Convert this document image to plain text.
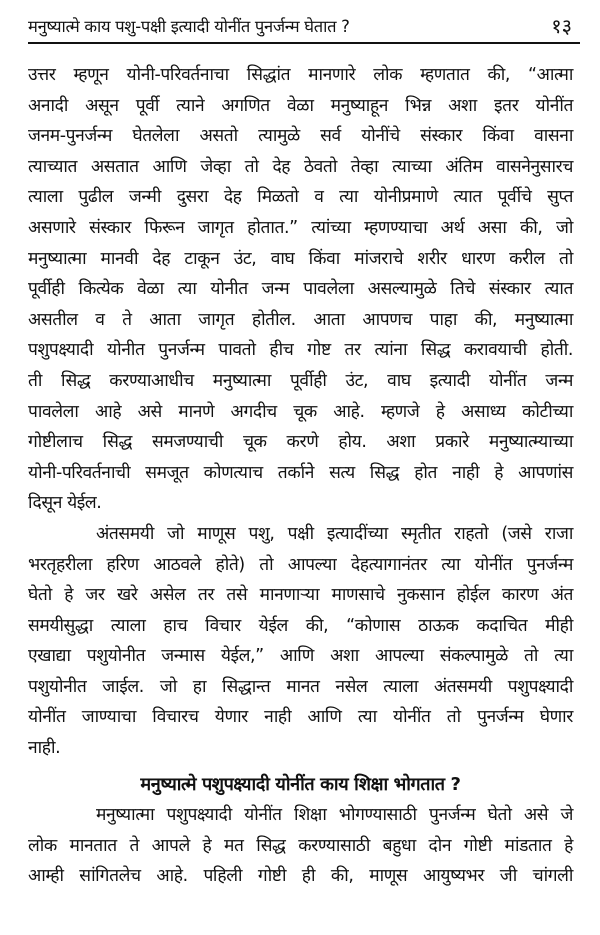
मनुष्यात्मे काय पशु-पक्षी इत्यादी योनींत पुनर्जन्म घेतात ?	१३
उत्तर म्हणून योनी-परिवर्तनाचा सिद्धांत मानणारे लोक म्हणतात की, “आत्मा
अनादी असून पूर्वी त्याने अगणित वेळा मनुष्याहून भिन्न अशा इतर योनींत
जनम-पुनर्जन्म घेतलेला असतो त्यामुळे सर्व योनींचे संस्कार किंवा वासना
त्याच्यात असतात आणि जेव्हा तो देह ठेवतो तेव्हा त्याच्या अंतिम वासनेनुसारच
त्याला पुढील जन्मी दुसरा देह मिळतो व त्या योनीप्रमाणे त्यात पूर्वीचे सुप्त
असणारे संस्कार फिरून जागृत होतात.” त्यांच्या म्हणण्याचा अर्थ असा की, जो
मनुष्यात्मा मानवी देह टाकून उंट, वाघ किंवा मांजराचे शरीर धारण करील तो
पूर्वीही कित्येक वेळा त्या योनीत जन्म पावलेला असल्यामुळे तिचे संस्कार त्यात
असतील व ते आता जागृत होतील. आता आपणच पाहा की, मनुष्यात्मा
पशुपक्ष्यादी योनीत पुनर्जन्म पावतो हीच गोष्ट तर त्यांना सिद्ध करावयाची होती.
ती सिद्ध करण्याआधीच मनुष्यात्मा पूर्वीही उंट, वाघ इत्यादी योनींत जन्म
पावलेला आहे असे मानणे अगदीच चूक आहे. म्हणजे हे असाध्य कोटीच्या
गोष्टीलाच सिद्ध समजण्याची चूक करणे होय. अशा प्रकारे मनुष्यात्म्याच्या
योनी-परिवर्तनाची समजूत कोणत्याच तर्कानेे सत्य सिद्ध होत नाही हे आपणांस
दिसून येईल.
अंतसमयी जो माणूस पशु, पक्षी इत्यादींच्या स्मृतीत राहतो (जसे राजा
भरतृहरीला हरिण आठवले होते) तो आपल्या देहत्यागानंतर त्या योनींत पुनर्जन्म
घेतो हे जर खरे असेल तर तसे मानणाऱ्या माणसाचे नुकसान होईल कारण अंत
समयीसुद्धा त्याला हाच विचार येईल की, “कोणास ठाऊक कदाचित मीही
एखाद्या पशुयोनीत जन्मास येईल,” आणि अशा आपल्या संकल्पामुळे तो त्या
पशुयोनीत जाईल. जो हा सिद्धान्त मानत नसेल त्याला अंतसमयी पशुपक्ष्यादी
योनींत जाण्याचा विचारच येणार नाही आणि त्या योनींत तो पुनर्जन्म घेणार
नाही.
मनुष्यात्मे पशुपक्ष्यादी योनींत काय शिक्षा भोगतात ?
मनुष्यात्मा पशुपक्ष्यादी योनींत शिक्षा भोगण्यासाठी पुनर्जन्म घेतो असे जे
लोक मानतात ते आपले हे मत सिद्ध करण्यासाठी बहुधा दोन गोष्टी मांडतात हे
आम्ही सांगितलेच आहे. पहिली गोष्टी ही की, माणूस आयुष्यभर जी चांगली
